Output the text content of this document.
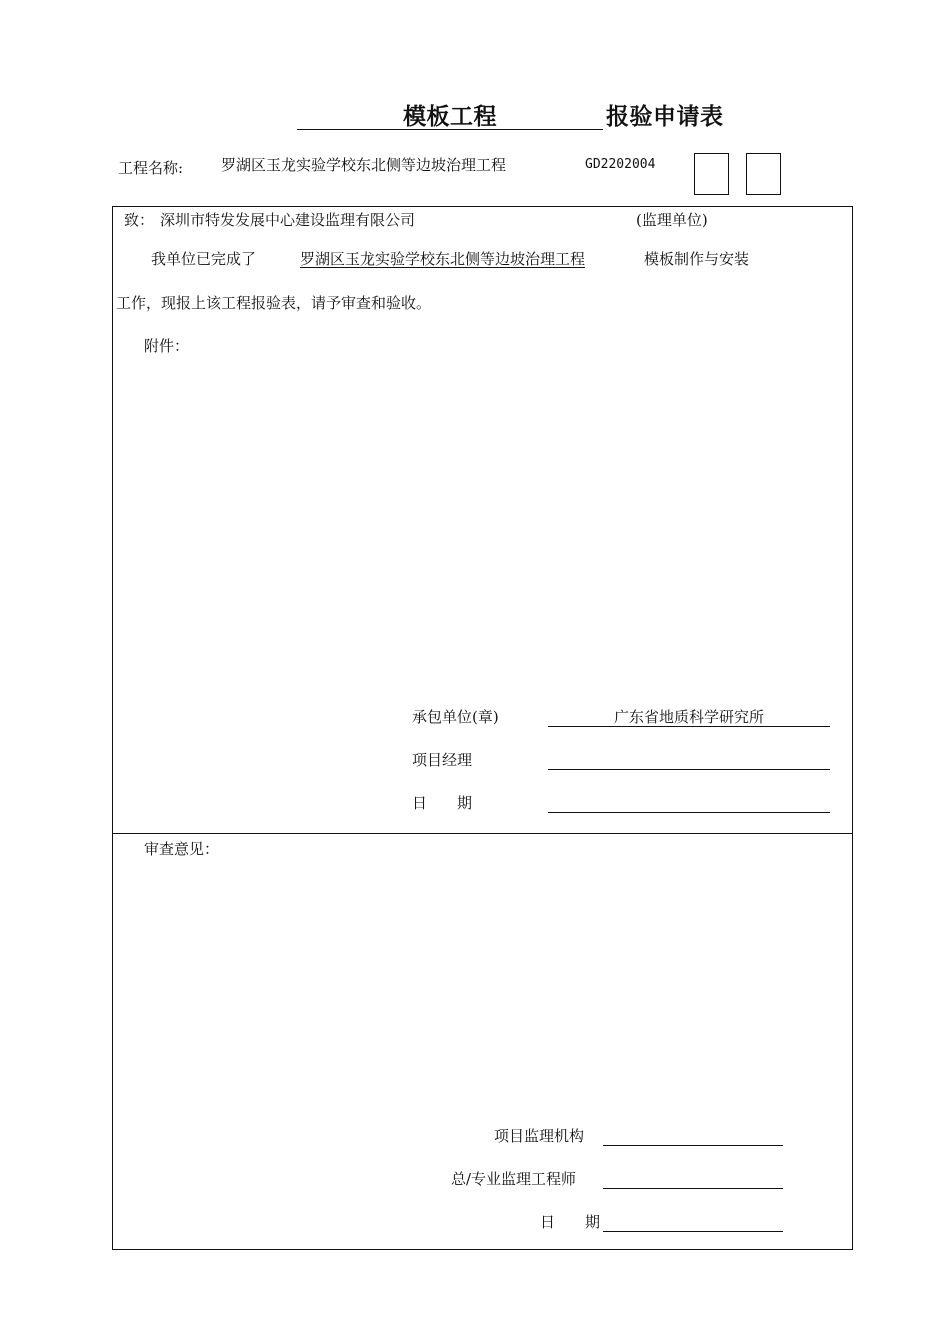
模板工程	报验申请表
工程名称:	罗湖区玉龙实验学校东北侧等边坡治理工程	GD2202004
致： 深圳市特发发展中心建设监理有限公司	(监理单位)
我单位已完成了	罗湖区玉龙实验学校东北侧等边坡治理工程	模板制作与安装
工作，现报上该工程报验表，请予审查和验收。
附件：
承包单位(章)	广东省地质科学研究所
项目经理
日　　期
审查意见：
项目监理机构
总/专业监理工程师
日　　期
